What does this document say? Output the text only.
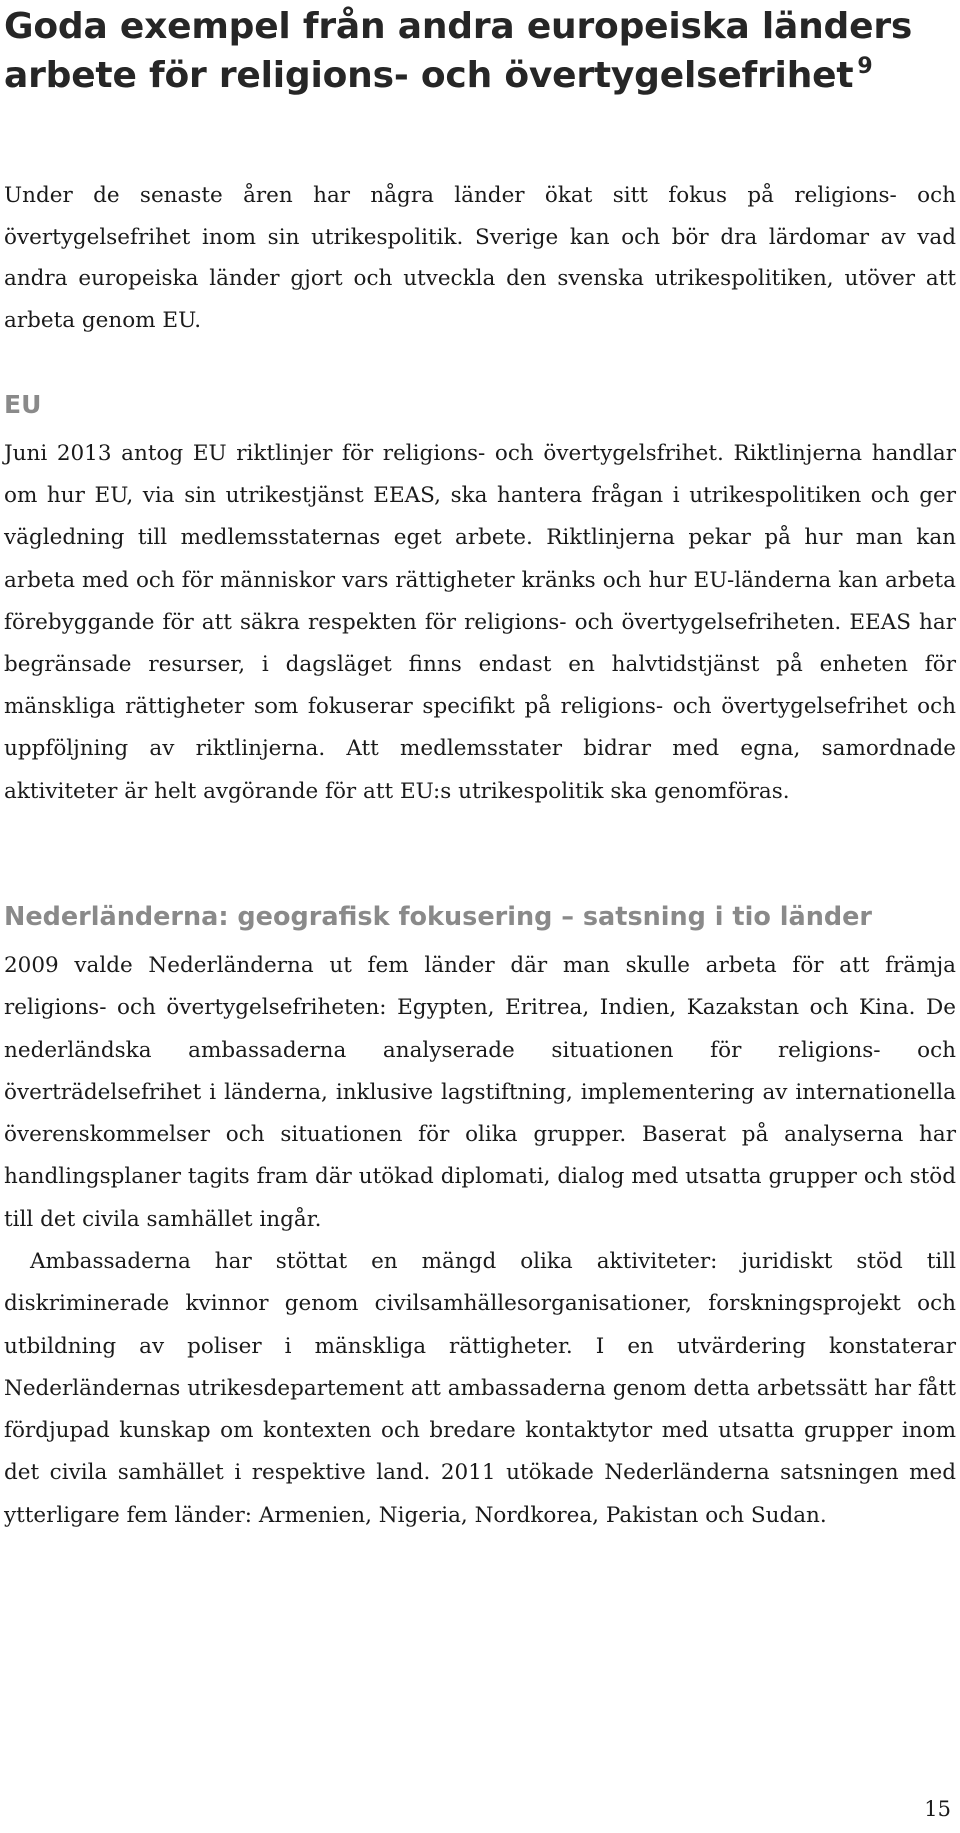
Goda exempel från andra europeiska länders arbete för religions- och övertygelsefrihet $^9$

Under de senaste åren har några länder ökat sitt fokus på religions- och övertygelsefrihet inom sin utrikespolitik. Sverige kan och bör dra lärdomar av vad andra europeiska länder gjort och utveckla den svenska utrikespolitiken, utöver att arbeta genom EU.

EU

Juni 2013 antog EU riktlinjer för religions- och övertygelsfrihet. Riktlinjerna handlar om hur EU, via sin utrikestjänst EEAS, ska hantera frågan i utrikespolitiken och ger vägledning till medlemsstaternas eget arbete. Riktlinjerna pekar på hur man kan arbeta med och för människor vars rättigheter kränks och hur EU-länderna kan arbeta förebyggande för att säkra respekten för religions- och övertygelsefriheten. EEAS har begränsade resurser, i dagsläget finns endast en halvtidstjänst på enheten för mänskliga rättigheter som fokuserar specifikt på religions- och övertygelsefrihet och uppföljning av riktlinjerna. Att medlemsstater bidrar med egna, samordnade aktiviteter är helt avgörande för att EU:s utrikespolitik ska genomföras.

Nederländerna: geografisk fokusering – satsning i tio länder

2009 valde Nederländerna ut fem länder där man skulle arbeta för att främja religions- och övertygelsefriheten: Egypten, Eritrea, Indien, Kazakstan och Kina. De nederländska ambassaderna analyserade situationen för religions- och överträdelsefrihet i länderna, inklusive lagstiftning, implementering av internationella överenskommelser och situationen för olika grupper. Baserat på analyserna har handlingsplaner tagits fram där utökad diplomati, dialog med utsatta grupper och stöd till det civila samhället ingår.

Ambassaderna har stöttat en mängd olika aktiviteter: juridiskt stöd till diskriminerade kvinnor genom civilsamhällesorganisationer, forskningsprojekt och utbildning av poliser i mänskliga rättigheter. I en utvärdering konstaterar Nederländernas utrikesdepartement att ambassaderna genom detta arbetssätt har fått fördjupad kunskap om kontexten och bredare kontaktytor med utsatta grupper inom det civila samhället i respektive land. 2011 utökade Nederländerna satsningen med ytterligare fem länder: Armenien, Nigeria, Nordkorea, Pakistan och Sudan.

15
